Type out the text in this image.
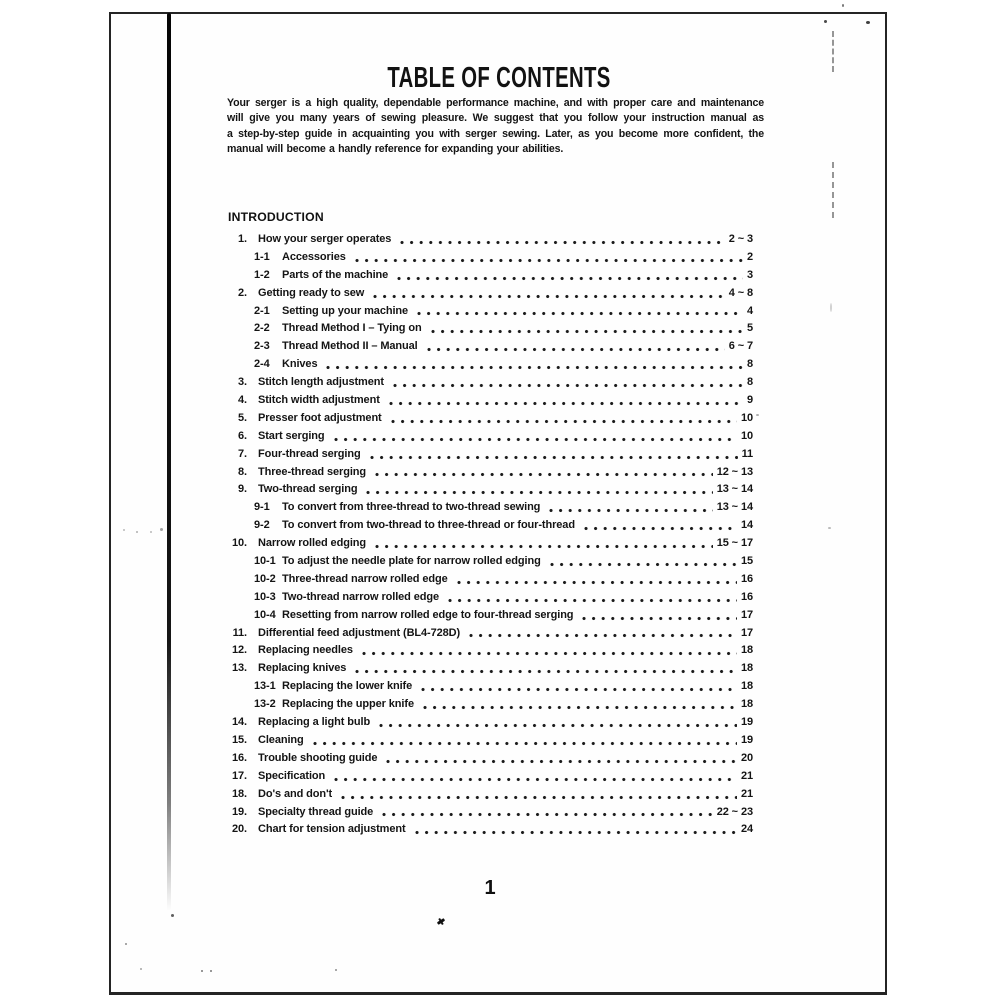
TABLE OF CONTENTS
Your serger is a high quality, dependable performance machine, and with proper care and maintenance
will give you many years of sewing pleasure. We suggest that you follow your instruction manual as
a step-by-step guide in acquainting you with serger sewing. Later, as you become more confident, the
manual will become a handly reference for expanding your abilities.
INTRODUCTION
1. How your serger operates	2 ~ 3
1-1	Accessories	2
1-2	Parts of the machine	3
2. Getting ready to sew	4 ~ 8
2-1	Setting up your machine	4
2-2	Thread Method I – Tying on	5
2-3	Thread Method II – Manual	6 ~ 7
2-4	Knives	8
3. Stitch length adjustment	8
4. Stitch width adjustment	9
5. Presser foot adjustment	10
6. Start serging	10
7. Four-thread serging	11
8. Three-thread serging	12 ~ 13
9. Two-thread serging	13 ~ 14
9-1	To convert from three-thread to two-thread sewing	13 ~ 14
9-2	To convert from two-thread to three-thread or four-thread	14
10. Narrow rolled edging	15 ~ 17
10-1 To adjust the needle plate for narrow rolled edging	15
10-2 Three-thread narrow rolled edge	16
10-3 Two-thread narrow rolled edge	16
10-4 Resetting from narrow rolled edge to four-thread serging	17
11. Differential feed adjustment (BL4-728D)	17
12. Replacing needles	18
13. Replacing knives	18
13-1 Replacing the lower knife	18
13-2 Replacing the upper knife	18
14. Replacing a light bulb	19
15. Cleaning	19
16. Trouble shooting guide	20
17. Specification	21
18. Do's and don't	21
19. Specialty thread guide	22 ~ 23
20. Chart for tension adjustment	24
1
